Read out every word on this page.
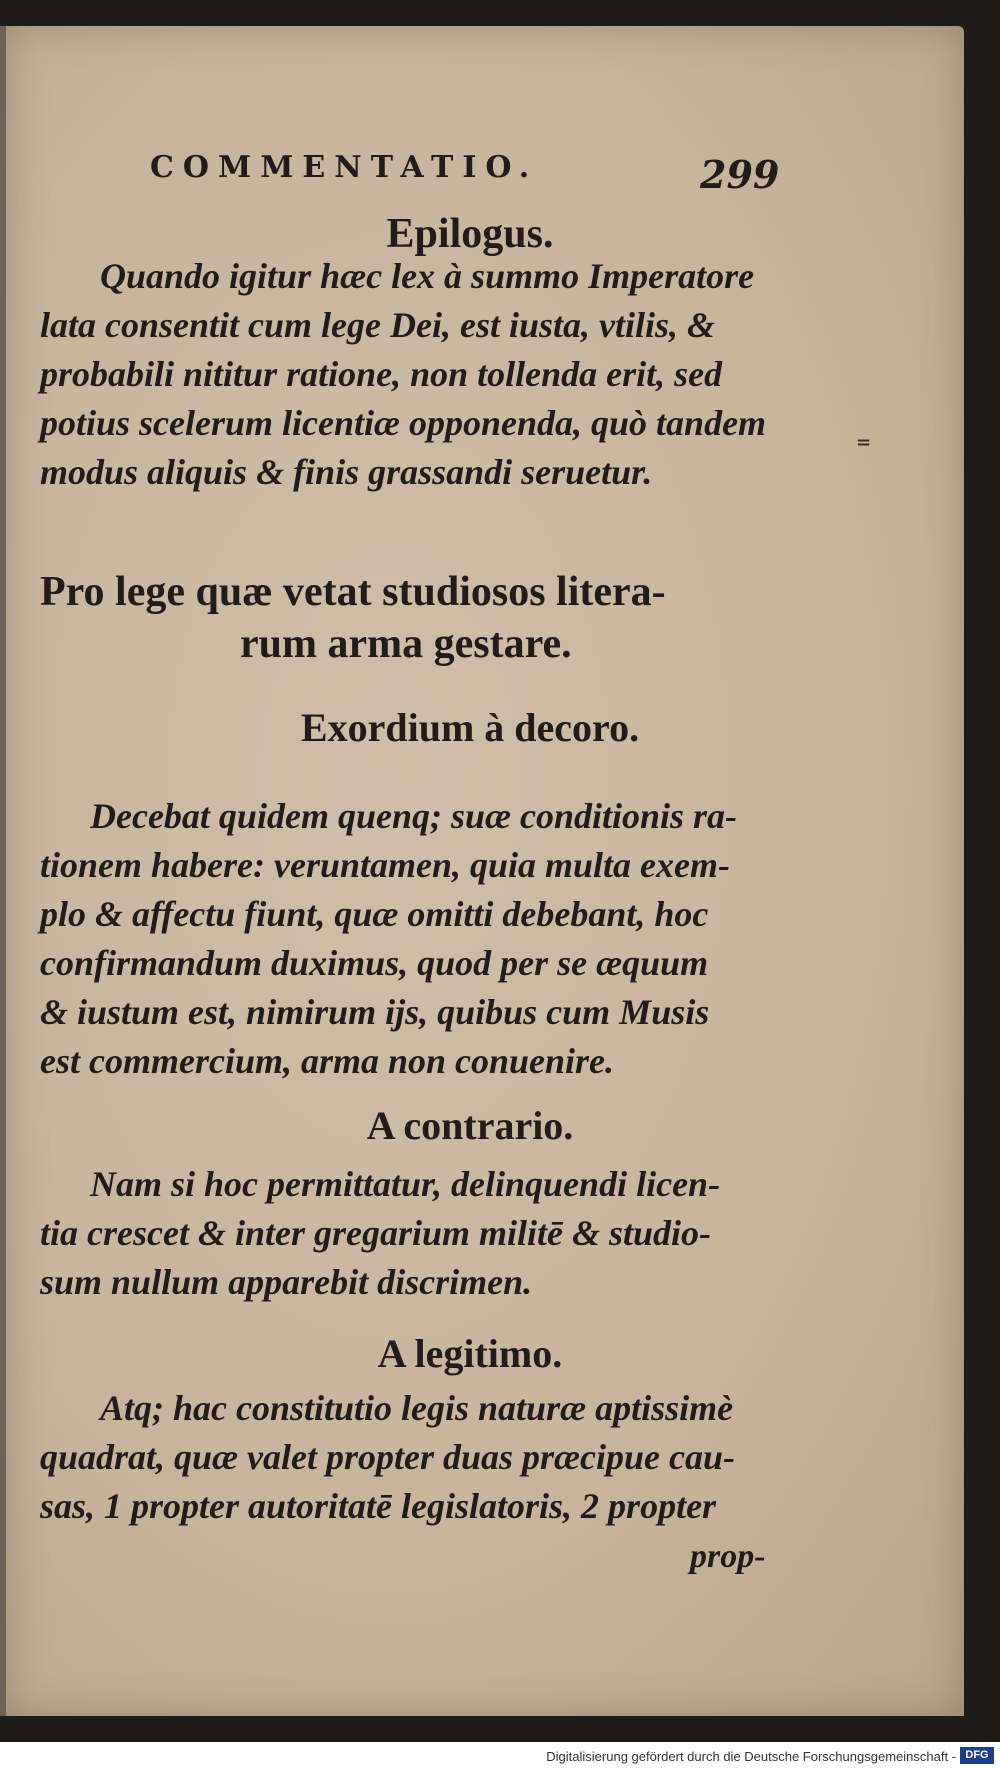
COMMENTATIO.	299
Epilogus.
Quando igitur hæc lex à summo Imperatore
lata consentit cum lege Dei, est iusta, vtilis, &
probabili nititur ratione, non tollenda erit, sed
potius scelerum licentiæ opponenda, quò tandem
modus aliquis & finis grassandi seruetur.
Pro lege quæ vetat studiosos litera-
rum arma gestare.
Exordium à decoro.
Decebat quidem quenq; suæ conditionis ra-
tionem habere: veruntamen, quia multa exem-
plo & affectu fiunt, quæ omitti debebant, hoc
confirmandum duximus, quod per se æquum
& iustum est, nimirum ijs, quibus cum Musis
est commercium, arma non conuenire.
A contrario.
Nam si hoc permittatur, delinquendi licen-
tia crescet & inter gregarium militē & studio-
sum nullum apparebit discrimen.
A legitimo.
Atq; hac constitutio legis naturæ aptissimè
quadrat, quæ valet propter duas præcipue cau-
sas, 1 propter autoritatē legislatoris, 2 propter
prop-
=
Digitalisierung gefördert durch die Deutsche Forschungsgemeinschaft - DFG
